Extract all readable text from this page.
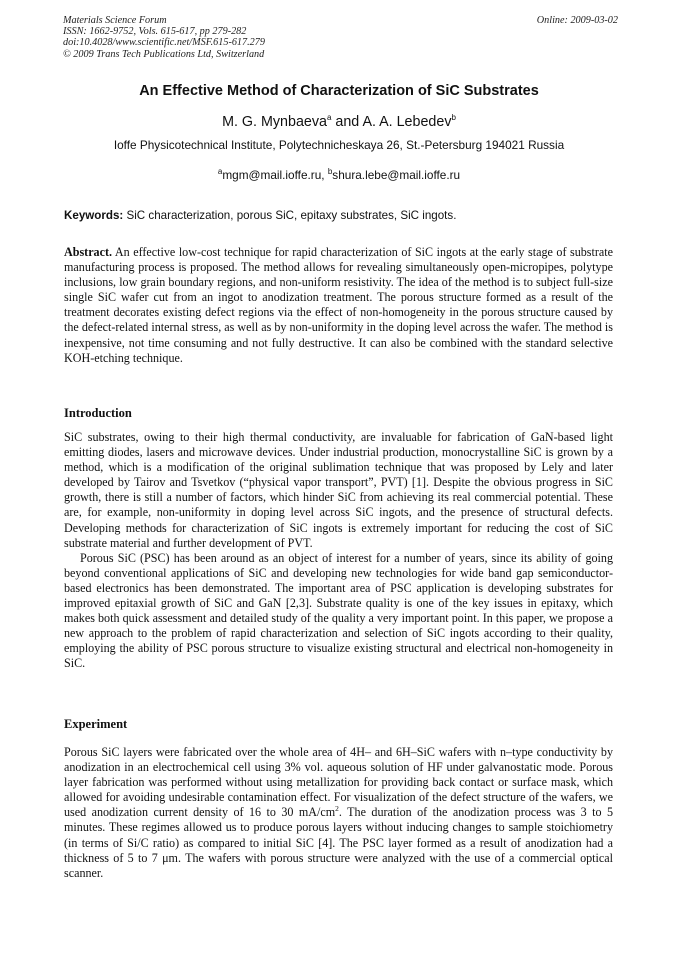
Materials Science Forum
ISSN: 1662-9752, Vols. 615-617, pp 279-282
doi:10.4028/www.scientific.net/MSF.615-617.279
© 2009 Trans Tech Publications Ltd, Switzerland
Online: 2009-03-02
An Effective Method of Characterization of SiC Substrates
M. G. Mynbaeva$^a$ and A. A. Lebedev$^b$
Ioffe Physicotechnical Institute, Polytechnicheskaya 26, St.-Petersburg 194021 Russia
$^a$mgm@mail.ioffe.ru, $^b$shura.lebe@mail.ioffe.ru
Keywords: SiC characterization, porous SiC, epitaxy substrates, SiC ingots.
Abstract. An effective low-cost technique for rapid characterization of SiC ingots at the early stage of substrate manufacturing process is proposed. The method allows for revealing simultaneously open-micropipes, polytype inclusions, low grain boundary regions, and non-uniform resistivity. The idea of the method is to subject full-size single SiC wafer cut from an ingot to anodization treatment. The porous structure formed as a result of the treatment decorates existing defect regions via the effect of non-homogeneity in the porous structure caused by the defect-related internal stress, as well as by non-uniformity in the doping level across the wafer. The method is inexpensive, not time consuming and not fully destructive. It can also be combined with the standard selective KOH-etching technique.
Introduction

SiC substrates, owing to their high thermal conductivity, are invaluable for fabrication of GaN-based light emitting diodes, lasers and microwave devices. Under industrial production, monocrystalline SiC is grown by a method, which is a modification of the original sublimation technique that was proposed by Lely and later developed by Tairov and Tsvetkov (“physical vapor transport”, PVT) [1]. Despite the obvious progress in SiC growth, there is still a number of factors, which hinder SiC from achieving its real commercial potential. These are, for example, non-uniformity in doping level across SiC ingots, and the presence of structural defects. Developing methods for characterization of SiC ingots is extremely important for reducing the cost of SiC substrate material and further development of PVT.

Porous SiC (PSC) has been around as an object of interest for a number of years, since its ability of going beyond conventional applications of SiC and developing new technologies for wide band gap semiconductor-based electronics has been demonstrated. The important area of PSC application is developing substrates for improved epitaxial growth of SiC and GaN [2,3]. Substrate quality is one of the key issues in epitaxy, which makes both quick assessment and detailed study of the quality a very important point. In this paper, we propose a new approach to the problem of rapid characterization and selection of SiC ingots according to their quality, employing the ability of PSC porous structure to visualize existing structural and electrical non-homogeneity in SiC.

Experiment

Porous SiC layers were fabricated over the whole area of 4H– and 6H–SiC wafers with n–type conductivity by anodization in an electrochemical cell using 3% vol. aqueous solution of HF under galvanostatic mode. Porous layer fabrication was performed without using metallization for providing back contact or surface mask, which allowed for avoiding undesirable contamination effect. For visualization of the defect structure of the wafers, we used anodization current density of 16 to 30 $mA/cm^2$. The duration of the anodization process was 3 to 5 minutes. These regimes allowed us to produce porous layers without inducing changes to sample stoichiometry (in terms of Si/C ratio) as compared to initial SiC [4]. The PSC layer formed as a result of anodization had a thickness of 5 to 7 μm. The wafers with porous structure were analyzed with the use of a commercial optical scanner.
